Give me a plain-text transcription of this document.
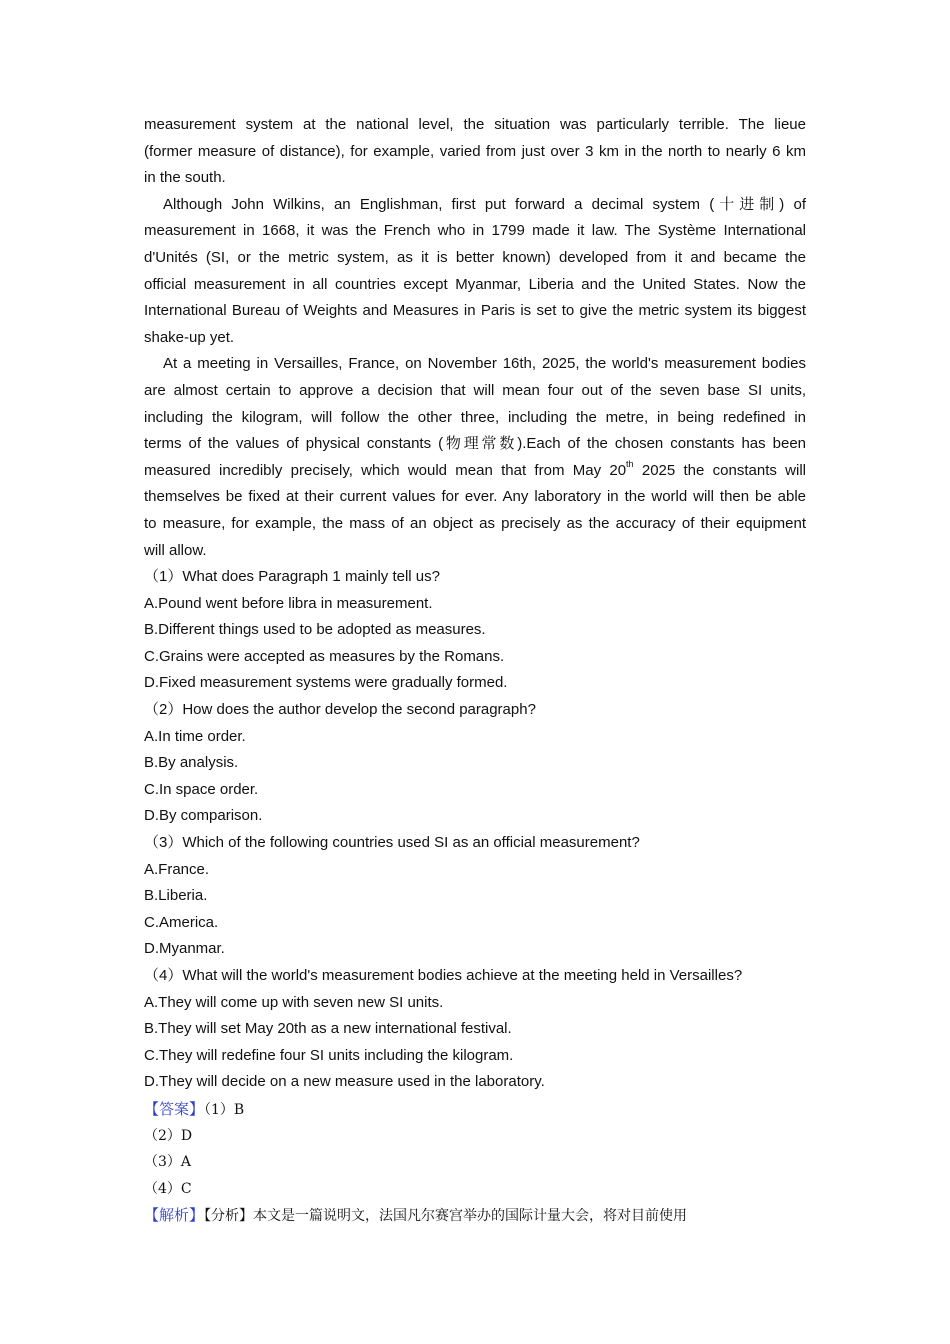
measurement system at the national level, the situation was particularly terrible. The lieue
(former measure of distance), for example, varied from just over 3 km in the north to nearly 6 km
in the south.
Although John Wilkins, an Englishman, first put forward a decimal system (十进制) of
measurement in 1668, it was the French who in 1799 made it law. The Système International
d'Unités (SI, or the metric system, as it is better known) developed from it and became the
official measurement in all countries except Myanmar, Liberia and the United States. Now the
International Bureau of Weights and Measures in Paris is set to give the metric system its biggest
shake-up yet.
At a meeting in Versailles, France, on November 16th, 2025, the world's measurement bodies
are almost certain to approve a decision that will mean four out of the seven base SI units,
including the kilogram, will follow the other three, including the metre, in being redefined in
terms of the values of physical constants (物理常数).Each of the chosen constants has been
measured incredibly precisely, which would mean that from May 20th 2025 the constants will
themselves be fixed at their current values for ever. Any laboratory in the world will then be able
to measure, for example, the mass of an object as precisely as the accuracy of their equipment
will allow.
（1）What does Paragraph 1 mainly tell us?
A.Pound went before libra in measurement.
B.Different things used to be adopted as measures.
C.Grains were accepted as measures by the Romans.
D.Fixed measurement systems were gradually formed.
（2）How does the author develop the second paragraph?
A.In time order.
B.By analysis.
C.In space order.
D.By comparison.
（3）Which of the following countries used SI as an official measurement?
A.France.
B.Liberia.
C.America.
D.Myanmar.
（4）What will the world's measurement bodies achieve at the meeting held in Versailles?
A.They will come up with seven new SI units.
B.They will set May 20th as a new international festival.
C.They will redefine four SI units including the kilogram.
D.They will decide on a new measure used in the laboratory.
【答案】（1）B
（2）D
（3）A
（4）C
【解析】【分析】本文是一篇说明文，法国凡尔赛宫举办的国际计量大会，将对目前使用
